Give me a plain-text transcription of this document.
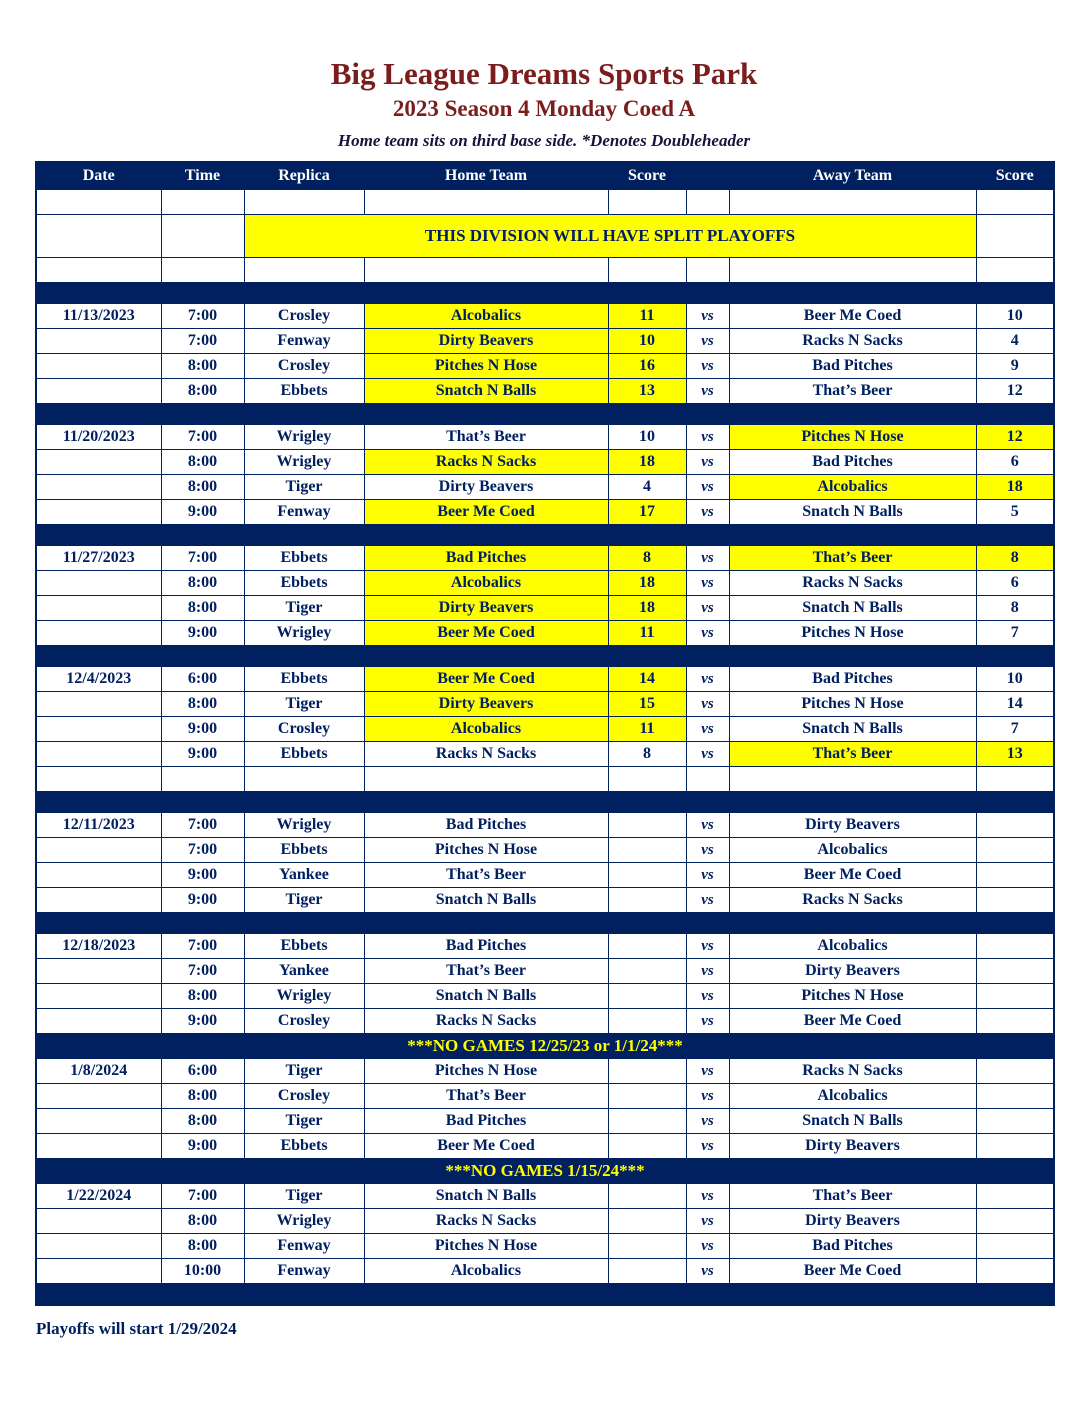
Big League Dreams Sports Park
2023 Season 4 Monday Coed A
Home team sits on third base side. *Denotes Doubleheader
Date	Time	Replica	Home Team	Score		Away Team	Score

		THIS DIVISION WILL HAVE SPLIT PLAYOFFS					

11/13/2023	7:00	Crosley	Alcobalics	11	vs	Beer Me Coed	10
	7:00	Fenway	Dirty Beavers	10	vs	Racks N Sacks	4
	8:00	Crosley	Pitches N Hose	16	vs	Bad Pitches	9
	8:00	Ebbets	Snatch N Balls	13	vs	That’s Beer	12

11/20/2023	7:00	Wrigley	That’s Beer	10	vs	Pitches N Hose	12
	8:00	Wrigley	Racks N Sacks	18	vs	Bad Pitches	6
	8:00	Tiger	Dirty Beavers	4	vs	Alcobalics	18
	9:00	Fenway	Beer Me Coed	17	vs	Snatch N Balls	5

11/27/2023	7:00	Ebbets	Bad Pitches	8	vs	That’s Beer	8
	8:00	Ebbets	Alcobalics	18	vs	Racks N Sacks	6
	8:00	Tiger	Dirty Beavers	18	vs	Snatch N Balls	8
	9:00	Wrigley	Beer Me Coed	11	vs	Pitches N Hose	7

12/4/2023	6:00	Ebbets	Beer Me Coed	14	vs	Bad Pitches	10
	8:00	Tiger	Dirty Beavers	15	vs	Pitches N Hose	14
	9:00	Crosley	Alcobalics	11	vs	Snatch N Balls	7
	9:00	Ebbets	Racks N Sacks	8	vs	That’s Beer	13

12/11/2023	7:00	Wrigley	Bad Pitches		vs	Dirty Beavers	
	7:00	Ebbets	Pitches N Hose		vs	Alcobalics	
	9:00	Yankee	That’s Beer		vs	Beer Me Coed	
	9:00	Tiger	Snatch N Balls		vs	Racks N Sacks	

12/18/2023	7:00	Ebbets	Bad Pitches		vs	Alcobalics	
	7:00	Yankee	That’s Beer		vs	Dirty Beavers	
	8:00	Wrigley	Snatch N Balls		vs	Pitches N Hose	
	9:00	Crosley	Racks N Sacks		vs	Beer Me Coed	
***NO GAMES 12/25/23 or 1/1/24***							
1/8/2024	6:00	Tiger	Pitches N Hose		vs	Racks N Sacks	
	8:00	Crosley	That’s Beer		vs	Alcobalics	
	8:00	Tiger	Bad Pitches		vs	Snatch N Balls	
	9:00	Ebbets	Beer Me Coed		vs	Dirty Beavers	
***NO GAMES 1/15/24***							
1/22/2024	7:00	Tiger	Snatch N Balls		vs	That’s Beer	
	8:00	Wrigley	Racks N Sacks		vs	Dirty Beavers	
	8:00	Fenway	Pitches N Hose		vs	Bad Pitches	
	10:00	Fenway	Alcobalics		vs	Beer Me Coed	

Playoffs will start 1/29/2024
